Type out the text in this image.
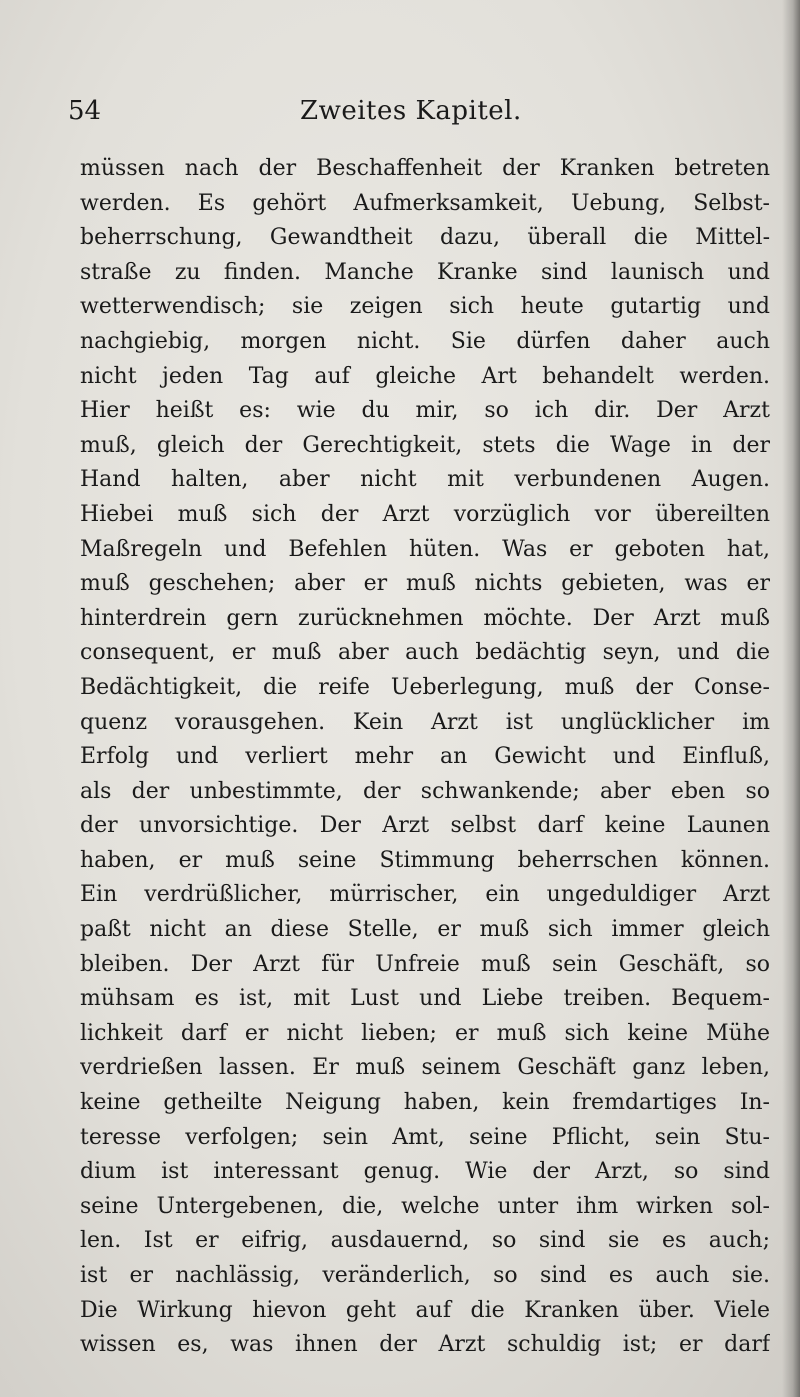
54	Zweites Kapitel.
müssen nach der Beschaffenheit der Kranken betreten
werden. Es gehört Aufmerksamkeit, Uebung, Selbst-
beherrschung, Gewandtheit dazu, überall die Mittel-
straße zu finden. Manche Kranke sind launisch und
wetterwendisch; sie zeigen sich heute gutartig und
nachgiebig, morgen nicht. Sie dürfen daher auch
nicht jeden Tag auf gleiche Art behandelt werden.
Hier heißt es: wie du mir, so ich dir. Der Arzt
muß, gleich der Gerechtigkeit, stets die Wage in der
Hand halten, aber nicht mit verbundenen Augen.
Hiebei muß sich der Arzt vorzüglich vor übereilten
Maßregeln und Befehlen hüten. Was er geboten hat,
muß geschehen; aber er muß nichts gebieten, was er
hinterdrein gern zurücknehmen möchte. Der Arzt muß
consequent, er muß aber auch bedächtig seyn, und die
Bedächtigkeit, die reife Ueberlegung, muß der Conse-
quenz vorausgehen. Kein Arzt ist unglücklicher im
Erfolg und verliert mehr an Gewicht und Einfluß,
als der unbestimmte, der schwankende; aber eben so
der unvorsichtige. Der Arzt selbst darf keine Launen
haben, er muß seine Stimmung beherrschen können.
Ein verdrüßlicher, mürrischer, ein ungeduldiger Arzt
paßt nicht an diese Stelle, er muß sich immer gleich
bleiben. Der Arzt für Unfreie muß sein Geschäft, so
mühsam es ist, mit Lust und Liebe treiben. Bequem-
lichkeit darf er nicht lieben; er muß sich keine Mühe
verdrießen lassen. Er muß seinem Geschäft ganz leben,
keine getheilte Neigung haben, kein fremdartiges In-
teresse verfolgen; sein Amt, seine Pflicht, sein Stu-
dium ist interessant genug. Wie der Arzt, so sind
seine Untergebenen, die, welche unter ihm wirken sol-
len. Ist er eifrig, ausdauernd, so sind sie es auch;
ist er nachlässig, veränderlich, so sind es auch sie.
Die Wirkung hievon geht auf die Kranken über. Viele
wissen es, was ihnen der Arzt schuldig ist; er darf
